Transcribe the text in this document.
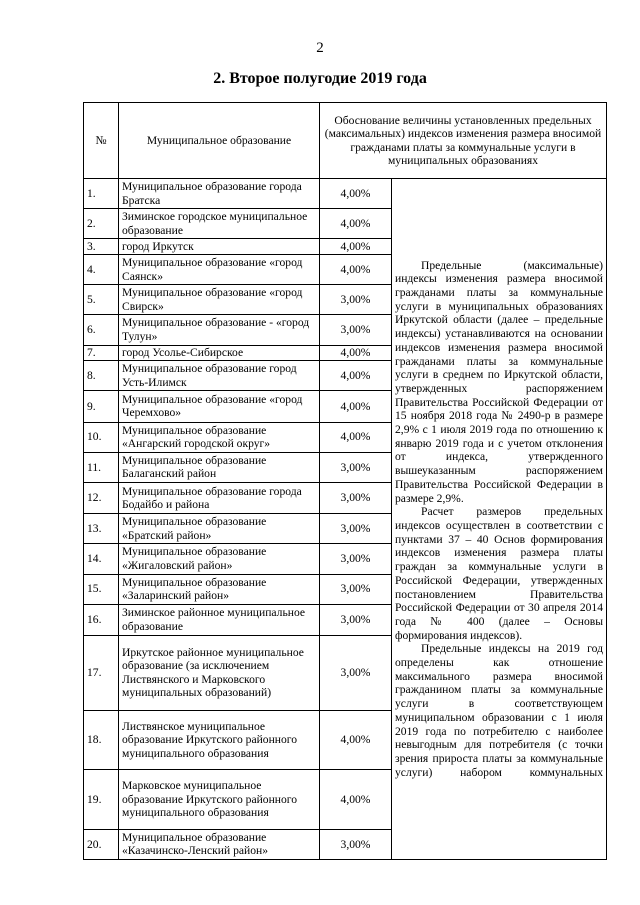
2
2. Второе полугодие 2019 года
№	Муниципальное образование	Обоснование величины установленных предельных (максимальных) индексов изменения размера вносимой гражданами платы за коммунальные услуги в муниципальных образованиях	
1.	Муниципальное образование города Братска	4,00%	Предельные (максимальные) индексы изменения размера вносимой гражданами платы за коммунальные услуги в муниципальных образованиях Иркутской области (далее – предельные индексы) устанавливаются на основании индексов изменения размера вносимой гражданами платы за коммунальные услуги в среднем по Иркутской области, утвержденных распоряжением Правительства Российской Федерации от 15 ноября 2018 года № 2490-р в размере 2,9% с 1 июля 2019 года по отношению к январю 2019 года и с учетом отклонения от индекса, утвержденного вышеуказанным распоряжением Правительства Российской Федерации в размере 2,9%.

Расчет размеров предельных индексов осуществлен в соответствии с пунктами 37 – 40 Основ формирования индексов изменения размера платы граждан за коммунальные услуги в Российской Федерации, утвержденных постановлением Правительства Российской Федерации от 30 апреля 2014 года № 400 (далее – Основы формирования индексов).

Предельные индексы на 2019 год определены как отношение максимального размера вносимой гражданином платы за коммунальные услуги в соответствующем муниципальном образовании с 1 июля 2019 года по потребителю с наиболее невыгодным для потребителя (с точки зрения прироста платы за коммунальные услуги) набором коммунальных

2.	Зиминское городское муниципальное образование	4,00%	
3.	город Иркутск	4,00%	
4.	Муниципальное образование «город Саянск»	4,00%	
5.	Муниципальное образование «город Свирск»	3,00%	
6.	Муниципальное образование - «город Тулун»	3,00%	
7.	город Усолье-Сибирское	4,00%	
8.	Муниципальное образование город Усть-Илимск	4,00%	
9.	Муниципальное образование «город Черемхово»	4,00%	
10.	Муниципальное образование «Ангарский городской округ»	4,00%	
11.	Муниципальное образование Балаганский район	3,00%	
12.	Муниципальное образование города Бодайбо и района	3,00%	
13.	Муниципальное образование «Братский район»	3,00%	
14.	Муниципальное образование «Жигаловский район»	3,00%	
15.	Муниципальное образование «Заларинский район»	3,00%	
16.	Зиминское районное муниципальное образование	3,00%	
17.	Иркутское районное муниципальное образование (за исключением Листвянского и Марковского муниципальных образований)	3,00%	
18.	Листвянское муниципальное образование Иркутского районного муниципального образования	4,00%	
19.	Марковское муниципальное образование Иркутского районного муниципального образования	4,00%	
20.	Муниципальное образование «Казачинско-Ленский район»	3,00%	
